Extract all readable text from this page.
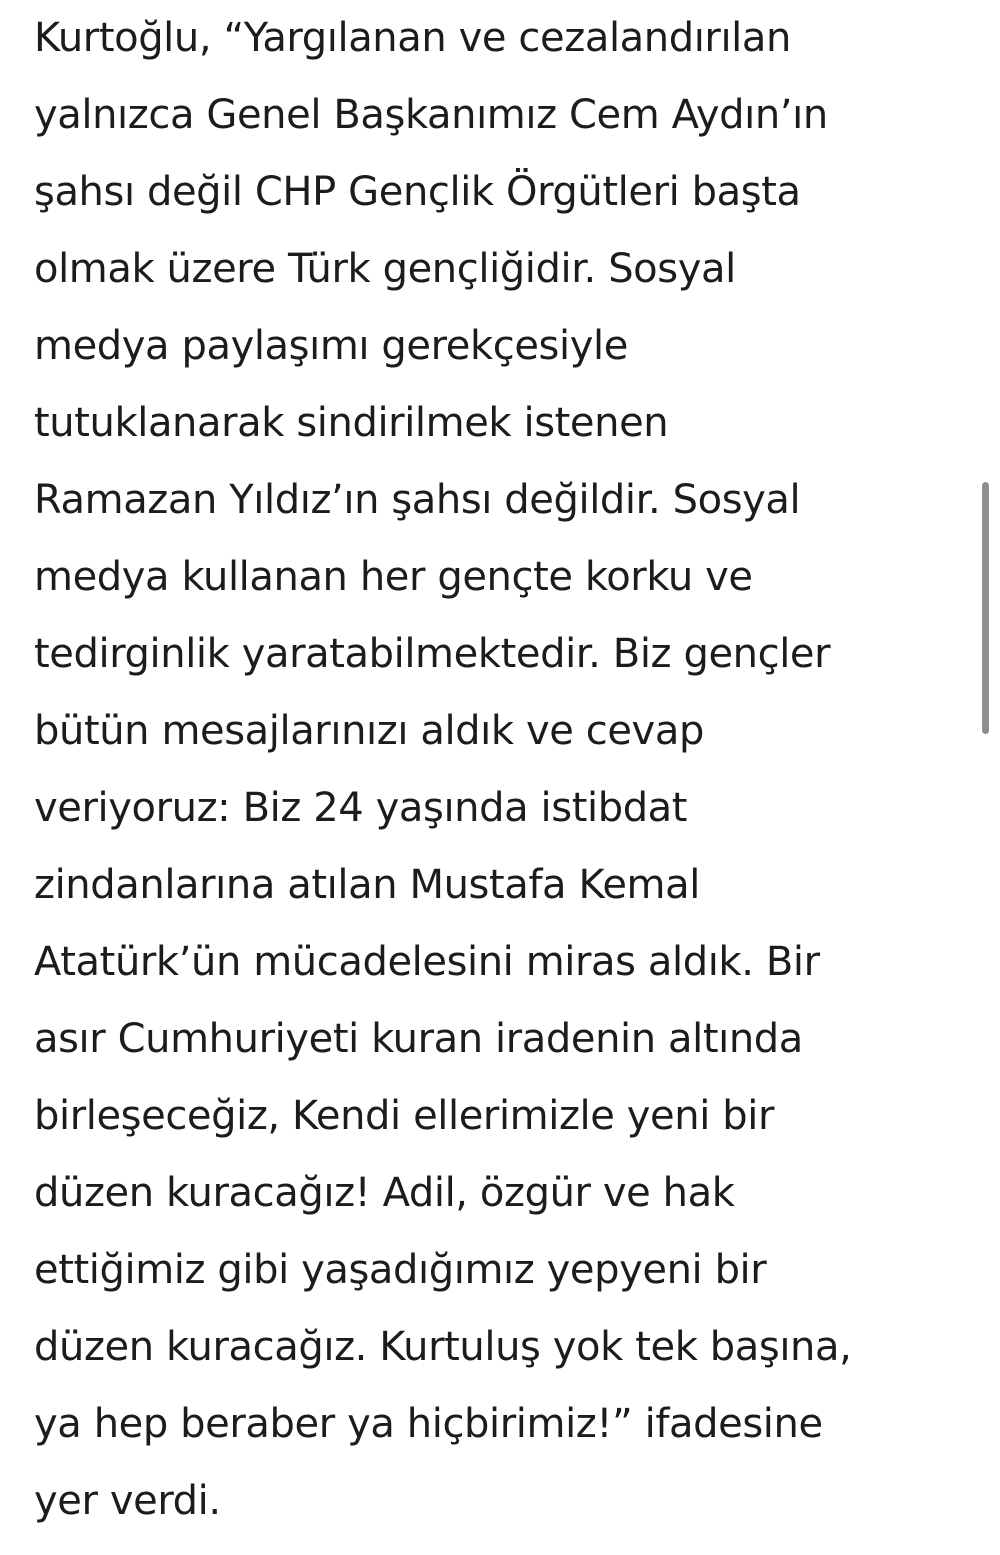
Kurtoğlu, “Yargılanan ve cezalandırılan
yalnızca Genel Başkanımız Cem Aydın’ın
şahsı değil CHP Gençlik Örgütleri başta
olmak üzere Türk gençliğidir. Sosyal
medya paylaşımı gerekçesiyle
tutuklanarak sindirilmek istenen
Ramazan Yıldız’ın şahsı değildir. Sosyal
medya kullanan her gençte korku ve
tedirginlik yaratabilmektedir. Biz gençler
bütün mesajlarınızı aldık ve cevap
veriyoruz: Biz 24 yaşında istibdat
zindanlarına atılan Mustafa Kemal
Atatürk’ün mücadelesini miras aldık. Bir
asır Cumhuriyeti kuran iradenin altında
birleşeceğiz, Kendi ellerimizle yeni bir
düzen kuracağız! Adil, özgür ve hak
ettiğimiz gibi yaşadığımız yepyeni bir
düzen kuracağız. Kurtuluş yok tek başına,
ya hep beraber ya hiçbirimiz!” ifadesine
yer verdi.
